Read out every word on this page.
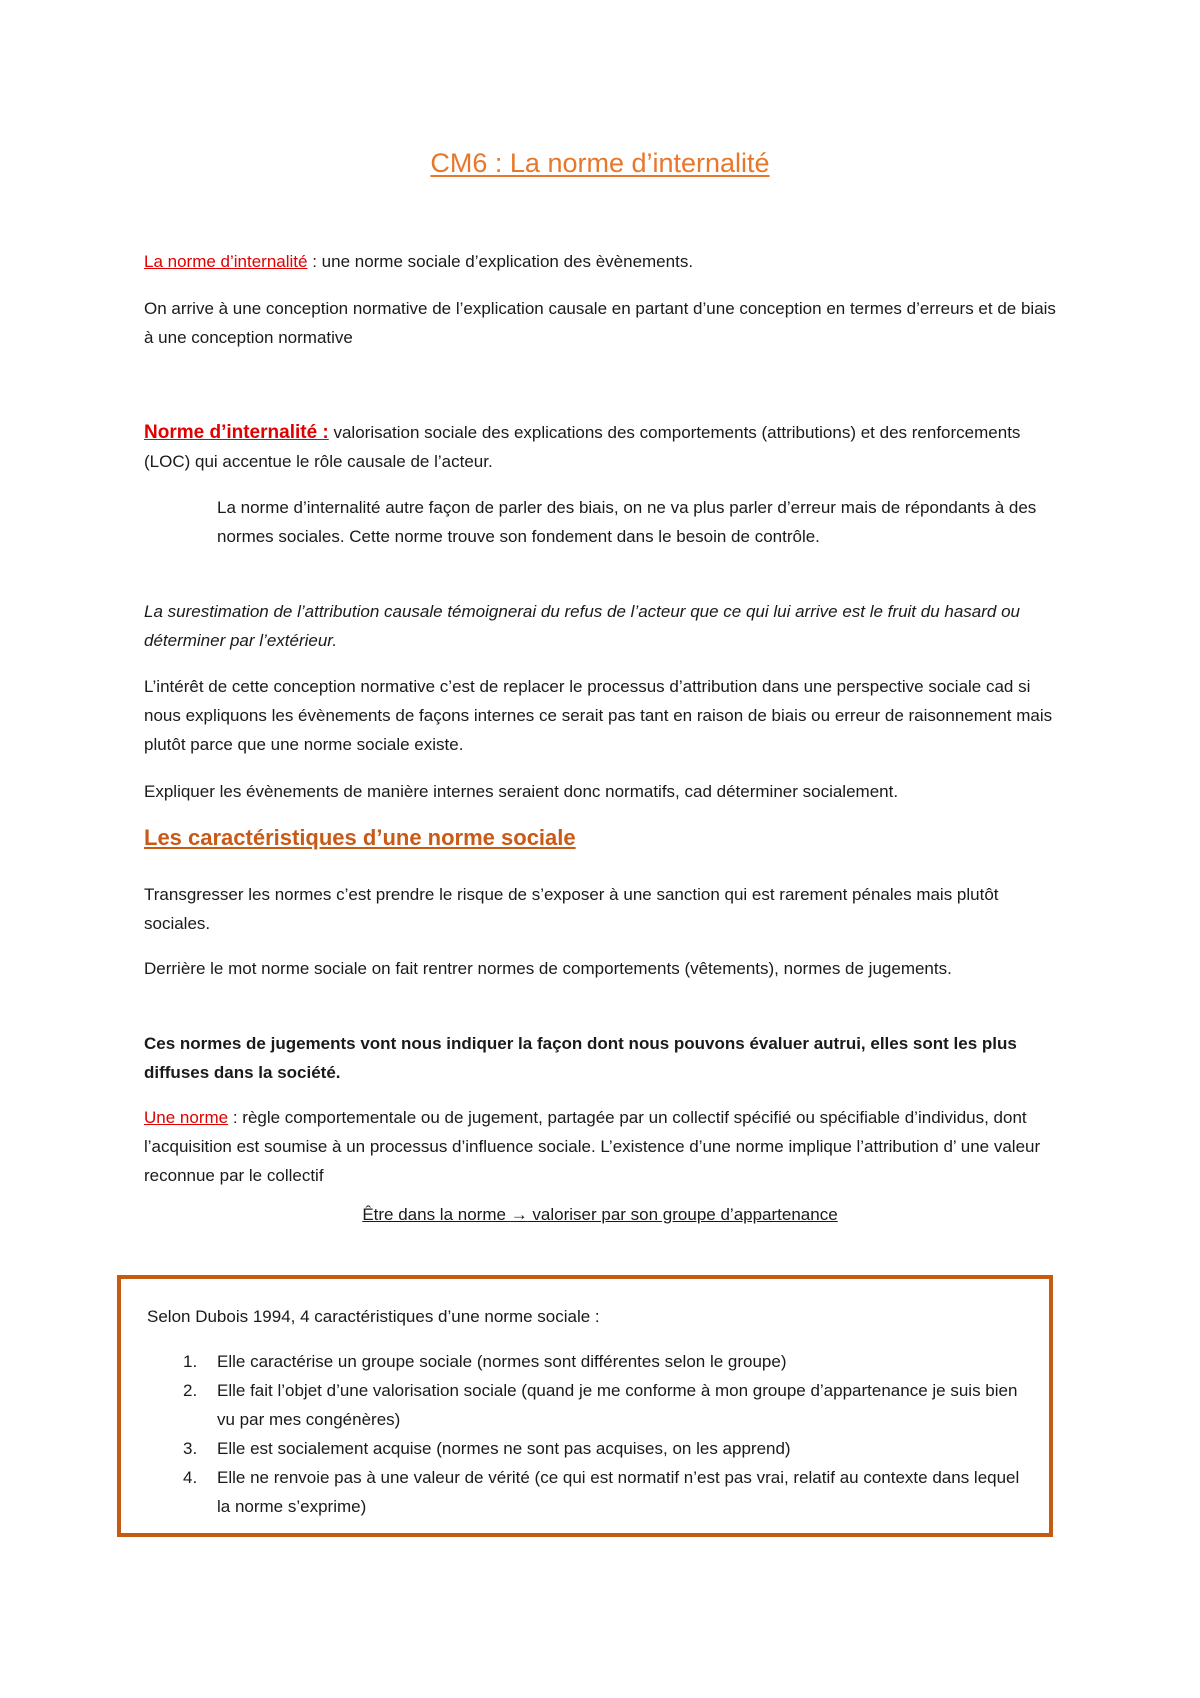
CM6 : La norme d’internalité

La norme d’internalité : une norme sociale d’explication des èvènements.

On arrive à une conception normative de l’explication causale en partant d’une conception en termes d’erreurs et de biais à une conception normative

Norme d’internalité : valorisation sociale des explications des comportements (attributions) et des renforcements (LOC) qui accentue le rôle causale de l’acteur.

La norme d’internalité autre façon de parler des biais, on ne va plus parler d’erreur mais de répondants à des normes sociales. Cette norme trouve son fondement dans le besoin de contrôle.

La surestimation de l’attribution causale témoignerai du refus de l’acteur que ce qui lui arrive est le fruit du hasard ou déterminer par l’extérieur.

L’intérêt de cette conception normative c’est de replacer le processus d’attribution dans une perspective sociale cad si nous expliquons les évènements de façons internes ce serait pas tant en raison de biais ou erreur de raisonnement mais plutôt parce que une norme sociale existe.

Expliquer les évènements de manière internes seraient donc normatifs, cad déterminer socialement.

Les caractéristiques d’une norme sociale

Transgresser les normes c’est prendre le risque de s’exposer à une sanction qui est rarement pénales mais plutôt sociales.

Derrière le mot norme sociale on fait rentrer normes de comportements (vêtements), normes de jugements.

Ces normes de jugements vont nous indiquer la façon dont nous pouvons évaluer autrui, elles sont les plus diffuses dans la société.

Une norme : règle comportementale ou de jugement, partagée par un collectif spécifié ou spécifiable d’individus, dont l’acquisition est soumise à un processus d’influence sociale. L’existence d’une norme implique l’attribution d’ une valeur reconnue par le collectif

Être dans la norme → valoriser par son groupe d’appartenance

Selon Dubois 1994, 4 caractéristiques d’une norme sociale :

1. Elle caractérise un groupe sociale (normes sont différentes selon le groupe)
2. Elle fait l’objet d’une valorisation sociale (quand je me conforme à mon groupe d’appartenance je suis bien vu par mes congénères)
3. Elle est socialement acquise (normes ne sont pas acquises, on les apprend)
4. Elle ne renvoie pas à une valeur de vérité (ce qui est normatif n’est pas vrai, relatif au contexte dans lequel la norme s’exprime)
